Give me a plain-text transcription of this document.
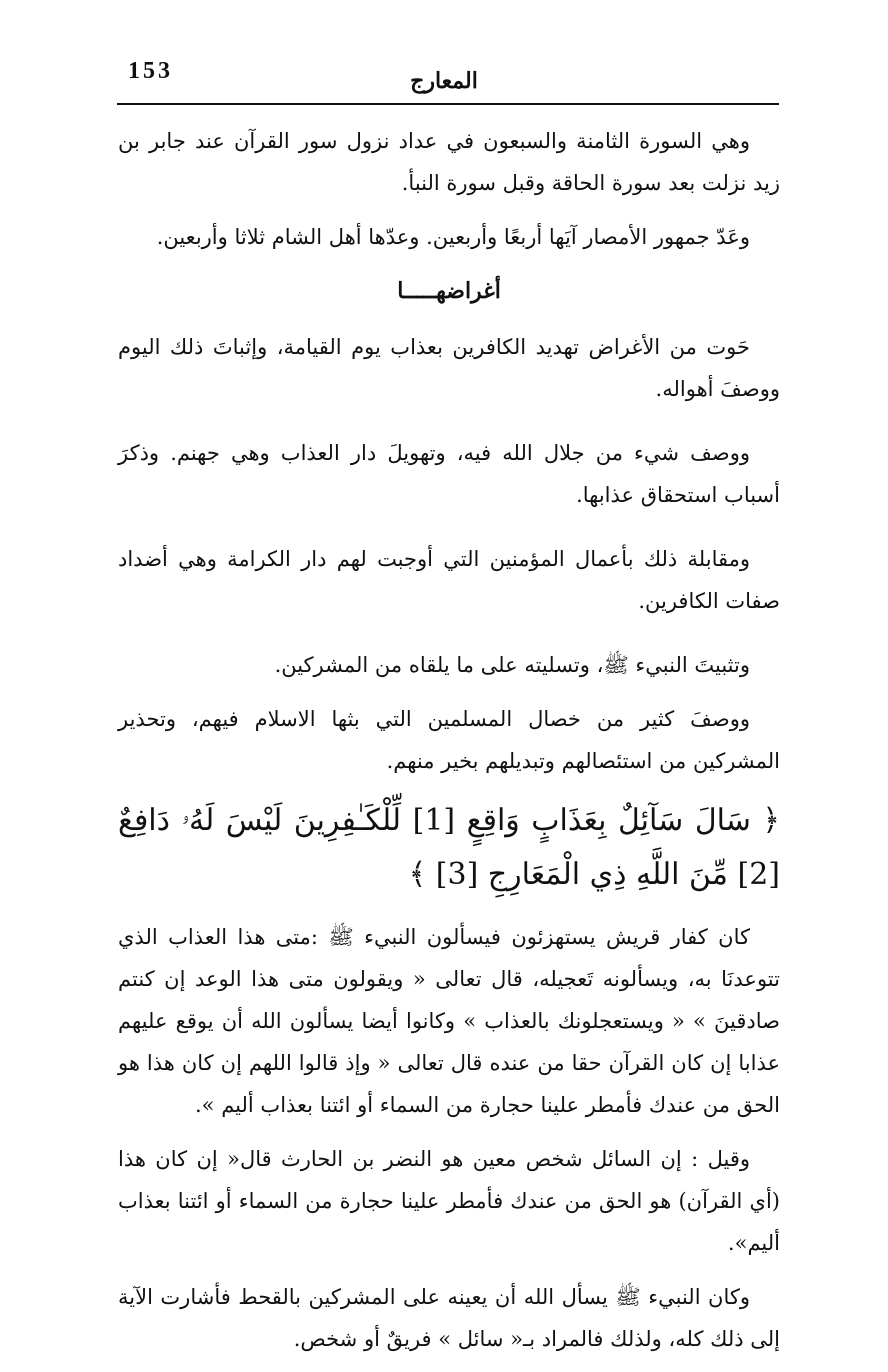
153	المعارج

وهي السورة الثامنة والسبعون في عداد نزول سور القرآن عند جابر بن زيد نزلت بعد سورة الحاقة وقبل سورة النبأ.

وعَدّ جمهور الأمصار آيَها أربعًا وأربعين. وعدّها أهل الشام ثلاثا وأربعين.

أغراضهـــــا

حَوت من الأغراض تهديد الكافرين بعذاب يوم القيامة، وإثباتَ ذلك اليوم ووصفَ أهواله.

ووصف شيء من جلال الله فيه، وتهويلَ دار العذاب وهي جهنم. وذكرَ أسباب استحقاق عذابها.

ومقابلة ذلك بأعمال المؤمنين التي أوجبت لهم دار الكرامة وهي أضداد صفات الكافرين.

وتثبيتَ النبيء ﷺ، وتسليته على ما يلقاه من المشركين.

ووصفَ كثير من خصال المسلمين التي بثها الاسلام فيهم، وتحذير المشركين من استئصالهم وتبديلهم بخير منهم.

﴿ سَالَ سَآئِلٌ بِعَذَابٍ وَاقِعٍ [1] لِّلْكَـٰفِرِينَ لَيْسَ لَهُۥ دَافِعٌ [2] مِّنَ اللَّهِ ذِي الْمَعَارِجِ [3] ﴾

كان كفار قريش يستهزئون فيسألون النبيء ﷺ :متى هذا العذاب الذي تتوعدنَا به، ويسألونه تَعجيله، قال تعالى « ويقولون متى هذا الوعد إن كنتم صادقينَ » « ويستعجلونك بالعذاب » وكانوا أيضا يسألون الله أن يوقع عليهم عذابا إن كان القرآن حقا من عنده قال تعالى « وإذ قالوا اللهم إن كان هذا هو الحق من عندك فأمطر علينا حجارة من السماء أو ائتنا بعذاب أليم ».

وقيل : إن السائل شخص معين هو النضر بن الحارث قال« إن كان هذا (أي القرآن) هو الحق من عندك فأمطر علينا حجارة من السماء أو ائتنا بعذاب أليم».

وكان النبيء ﷺ يسأل الله أن يعينه على المشركين بالقحط فأشارت الآية إلى ذلك كله، ولذلك فالمراد بـ« سائل » فريقٌ أو شخص.
